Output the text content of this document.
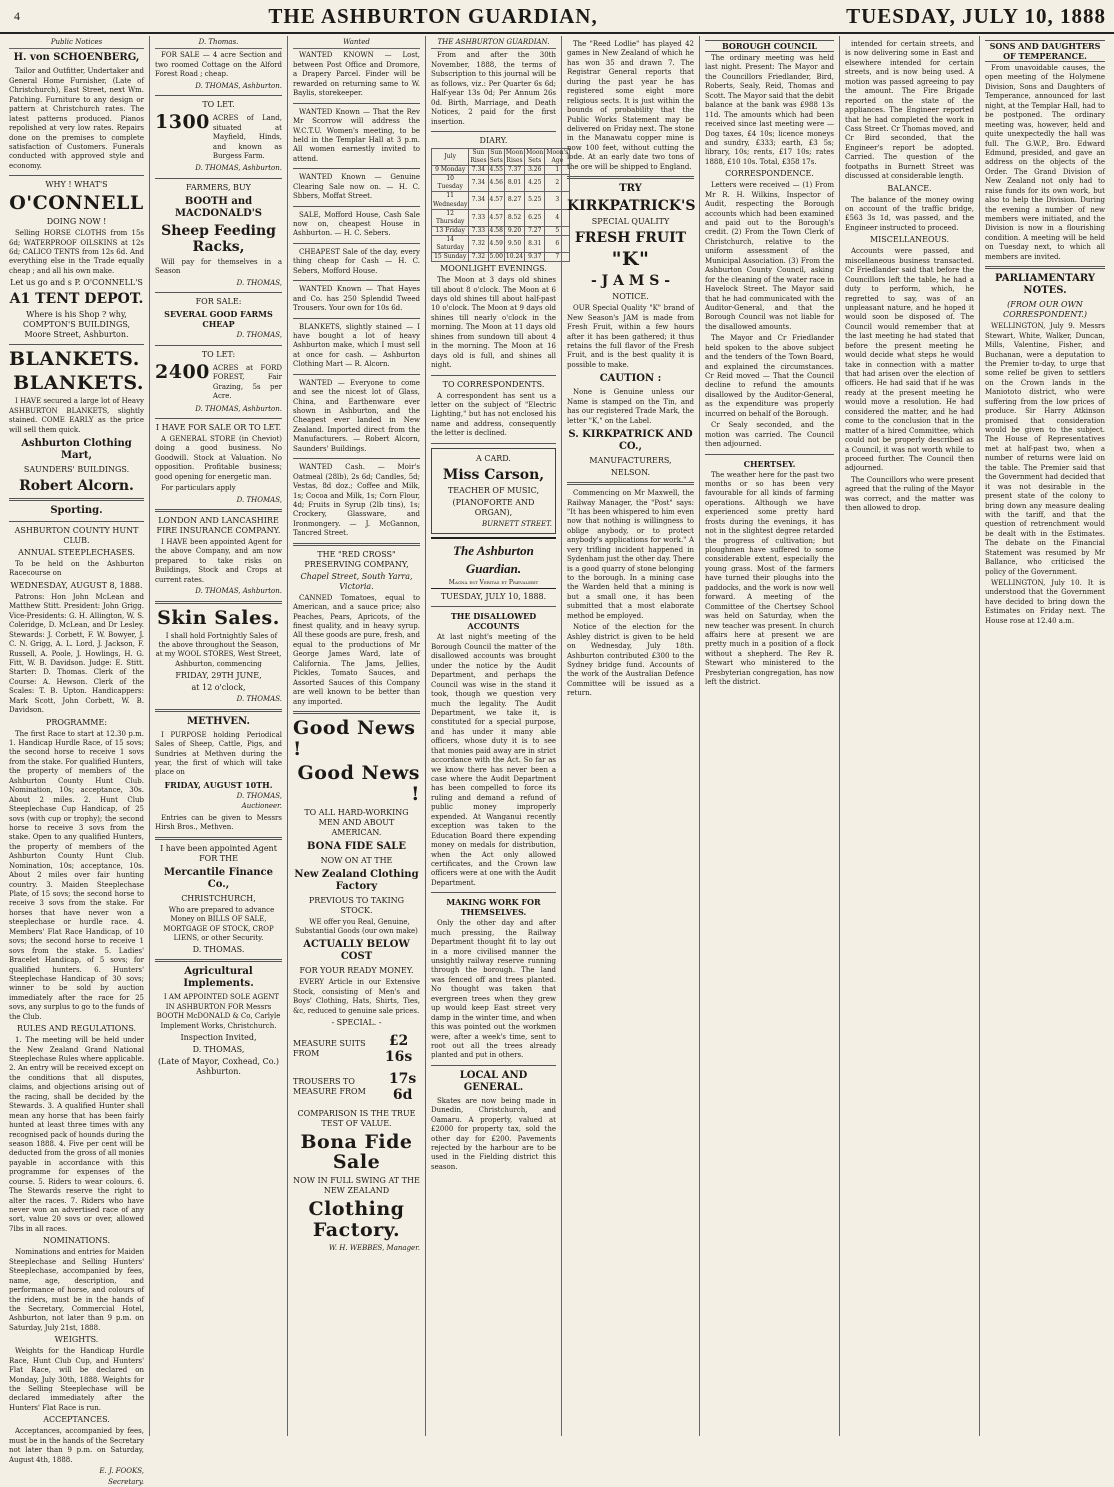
4	THE ASHBURTON GUARDIAN,	TUESDAY, JULY 10, 1888
Public Notices
H. von SCHOENBERG,
Tailor and Outfitter, Undertaker and General Home Furnisher, (Late of Christchurch), East Street, next Wm. Patching. Furniture to any design or pattern at Christchurch rates. The latest patterns produced. Pianos repolished at very low rates. Repairs done on the premises to complete satisfaction of Customers. Funerals conducted with approved style and economy.
WHY ! WHAT'S
O'CONNELL
DOING NOW !
Selling HORSE CLOTHS from 15s 6d; WATERPROOF OILSKINS at 12s 6d; CALICO TENTS from 12s 6d. And everything else in the Trade equally cheap ; and all his own make.
Let us go and s P. O'CONNELL'S
A1 TENT DEPOT.
Where is his Shop ? why, COMPTON'S BUILDINGS, Moore Street, Ashburton.
BLANKETS.
BLANKETS.
I HAVE secured a large lot of Heavy ASHBURTON BLANKETS, slightly stained. COME EARLY as the price will sell them quick.
Ashburton Clothing Mart,
SAUNDERS' BUILDINGS.
Robert Alcorn.
Sporting.
ASHBURTON COUNTY HUNT CLUB.
ANNUAL STEEPLECHASES.
To be held on the Ashburton Racecourse on
WEDNESDAY, AUGUST 8, 1888.
Patrons: Hon John McLean and Matthew Stitt. President: John Grigg. Vice-Presidents: G. H. Allington, W. S. Coleridge, D. McLean, and Dr Lesley. Stewards: J. Corbett, F. W. Bowyer, J. C. N. Grigg, A. L. Lord, J. Jackson, F. Russell, A. Poole, J. Howlings, H. G. Fitt, W. B. Davidson. Judge: E. Stitt. Starter: D. Thomas. Clerk of the Course: A. Hewson. Clerk of the Scales: T. B. Upton. Handicappers: Mark Scott, John Corbett, W. B. Davidson.
PROGRAMME:
The first Race to start at 12.30 p.m. 1. Handicap Hurdle Race, of 15 sovs; the second horse to receive 1 sovs from the stake. For qualified Hunters, the property of members of the Ashburton County Hunt Club. Nomination, 10s; acceptance, 30s. About 2 miles. 2. Hunt Club Steeplechase Cup Handicap, of 25 sovs (with cup or trophy); the second horse to receive 3 sovs from the stake. Open to any qualified Hunters, the property of members of the Ashburton County Hunt Club. Nomination, 10s; acceptance, 10s. About 2 miles over fair hunting country. 3. Maiden Steeplechase Plate, of 15 sovs; the second horse to receive 3 sovs from the stake. For horses that have never won a steeplechase or hurdle race. 4. Members' Flat Race Handicap, of 10 sovs; the second horse to receive 1 sovs from the stake. 5. Ladies' Bracelet Handicap, of 5 sovs; for qualified hunters. 6. Hunters' Steeplechase Handicap of 30 sovs; winner to be sold by auction immediately after the race for 25 sovs, any surplus to go to the funds of the Club.
RULES AND REGULATIONS.
1. The meeting will be held under the New Zealand Grand National Steeplechase Rules where applicable. 2. An entry will be received except on the conditions that all disputes, claims, and objections arising out of the racing, shall be decided by the Stewards. 3. A qualified Hunter shall mean any horse that has been fairly hunted at least three times with any recognised pack of hounds during the season 1888. 4. Five per cent will be deducted from the gross of all monies payable in accordance with this programme for expenses of the course. 5. Riders to wear colours. 6. The Stewards reserve the right to alter the races. 7. Riders who have never won an advertised race of any sort, value 20 sovs or over, allowed 7lbs in all races.
NOMINATIONS.
Nominations and entries for Maiden Steeplechase and Selling Hunters' Steeplechase, accompanied by fees, name, age, description, and performance of horse, and colours of the riders, must be in the hands of the Secretary, Commercial Hotel, Ashburton, not later than 9 p.m. on Saturday, July 21st, 1888.
WEIGHTS.
Weights for the Handicap Hurdle Race, Hunt Club Cup, and Hunters' Flat Race, will be declared on Monday, July 30th, 1888. Weights for the Selling Steeplechase will be declared immediately after the Hunters' Flat Race is run.
ACCEPTANCES.
Acceptances, accompanied by fees, must be in the hands of the Secretary not later than 9 p.m. on Saturday, August 4th, 1888.
E. J. FOOKS,
Secretary.
D. Thomas.
FOR SALE — 4 acre Section and two roomed Cottage on the Alford Forest Road ; cheap.
D. THOMAS, Ashburton.
TO LET.
1300 ACRES of Land, situated at Mayfield, Hinds, and known as Burgess Farm.
D. THOMAS, Ashburton.
FARMERS, BUY
BOOTH and MACDONALD'S
Sheep Feeding Racks,
Will pay for themselves in a Season
D. THOMAS,
FOR SALE:
SEVERAL GOOD FARMS CHEAP
D. THOMAS,
TO LET:
2400 ACRES at FORD FOREST, Fair Grazing, 5s per Acre.
D. THOMAS, Ashburton.
I HAVE FOR SALE OR TO LET.
A GENERAL STORE (in Cheviot) doing a good business. No Goodwill. Stock at Valuation. No opposition. Profitable business; good opening for energetic man.
For particulars apply
D. THOMAS,
LONDON AND LANCASHIRE FIRE INSURANCE COMPANY.
I HAVE been appointed Agent for the above Company, and am now prepared to take risks on Buildings, Stock and Crops at current rates.
D. THOMAS, Ashburton.
Skin Sales.
I shall hold Fortnightly Sales of the above throughout the Season, at my WOOL STORES, West Street, Ashburton, commencing
FRIDAY, 29TH JUNE,
at 12 o'clock,
D. THOMAS.
METHVEN.
I PURPOSE holding Periodical Sales of Sheep, Cattle, Pigs, and Sundries at Methven during the year, the first of which will take place on
FRIDAY, AUGUST 10TH.
D. THOMAS,
Auctioneer.
Entries can be given to Messrs Hirsh Bros., Methven.
I have been appointed Agent FOR THE
Mercantile Finance Co.,
CHRISTCHURCH,
Who are prepared to advance Money on BILLS OF SALE, MORTGAGE OF STOCK, CROP LIENS, or other Security.
D. THOMAS.
Agricultural Implements.
I AM APPOINTED SOLE AGENT IN ASHBURTON FOR Messrs BOOTH McDONALD & Co, Carlyle Implement Works, Christchurch.
Inspection Invited,
D. THOMAS,
(Late of Mayor, Coxhead, Co.) Ashburton.
Wanted
WANTED KNOWN — Lost, between Post Office and Dromore, a Drapery Parcel. Finder will be rewarded on returning same to W. Baylis, storekeeper.
WANTED Known — That the Rev Mr Scorrow will address the W.C.T.U. Women's meeting, to be held in the Templar Hall at 3 p.m. All women earnestly invited to attend.
WANTED Known — Genuine Clearing Sale now on. — H. C. Sbbers, Moffat Street.
SALE, Mofford House, Cash Sale now on, cheapest House in Ashburton. — H. C. Sebers.
CHEAPEST Sale of the day, every thing cheap for Cash — H. C. Sebers, Mofford House.
WANTED Known — That Hayes and Co. has 250 Splendid Tweed Trousers. Your own for 10s 6d.
BLANKETS, slightly stained — I have bought a lot of heavy Ashburton make, which I must sell at once for cash. — Ashburton Clothing Mart — R. Alcorn.
WANTED — Everyone to come and see the nicest lot of Glass, China, and Earthenware ever shown in Ashburton, and the Cheapest ever landed in New Zealand. Imported direct from the Manufacturers. — Robert Alcorn, Saunders' Buildings.
WANTED Cash. — Moir's Oatmeal (28lb), 2s 6d; Candles, 5d; Vestas, 8d doz.; Coffee and Milk, 1s; Cocoa and Milk, 1s; Corn Flour, 4d; Fruits in Syrup (2lb tins), 1s; Crockery, Glassware, and Ironmongery. — J. McGannon, Tancred Street.
THE "RED CROSS" PRESERVING COMPANY,
Chapel Street, South Yarra, Victoria.
CANNED Tomatoes, equal to American, and a sauce price; also Peaches, Pears, Apricots, of the finest quality, and in heavy syrup. All these goods are pure, fresh, and equal to the productions of Mr George James Ward, late of California. The Jams, Jellies, Pickles, Tomato Sauces, and Assorted Sauces of this Company are well known to be better than any imported.
Good News !
Good News !
TO ALL HARD-WORKING MEN AND ABOUT AMERICAN.
BONA FIDE SALE
NOW ON AT THE
New Zealand Clothing Factory
PREVIOUS TO TAKING STOCK.
WE offer you Real, Genuine, Substantial Goods (our own make)
ACTUALLY BELOW COST
FOR YOUR READY MONEY.
EVERY Article in our Extensive Stock, consisting of Men's and Boys' Clothing, Hats, Shirts, Ties, &c, reduced to genuine sale prices.
- SPECIAL. -
MEASURE SUITS FROM
£2 16s
TROUSERS TO MEASURE FROM
17s 6d
COMPARISON IS THE TRUE TEST OF VALUE.
Bona Fide Sale
NOW IN FULL SWING AT THE NEW ZEALAND
Clothing Factory.
W. H. WEBBES, Manager.
THE ASHBURTON GUARDIAN.
From and after the 30th November, 1888, the terms of Subscription to this journal will be as follows, viz.: Per Quarter 6s 6d; Half-year 13s 0d; Per Annum 26s 0d. Birth, Marriage, and Death Notices, 2 paid for the first insertion.
DIARY.
July	Sun Rises	Sun Sets	Moon Rises	Moon Sets	Moon's Age
9 Monday	7.34	4.55	7.37	3.26	1
10 Tuesday	7.34	4.56	8.01	4.25	2
11 Wednesday	7.34	4.57	8.27	5.25	3
12 Thursday	7.33	4.57	8.52	6.25	4
13 Friday	7.33	4.58	9.20	7.27	5
14 Saturday	7.32	4.59	9.50	8.31	6
15 Sunday	7.32	5.00	10.24	9.37	7
MOONLIGHT EVENINGS.
The Moon at 3 days old shines till about 8 o'clock. The Moon at 6 days old shines till about half-past 10 o'clock. The Moon at 9 days old shines till nearly o'clock in the morning. The Moon at 11 days old shines from sundown till about 4 in the morning. The Moon at 16 days old is full, and shines all night.
TO CORRESPONDENTS.
A correspondent has sent us a letter on the subject of "Electric Lighting," but has not enclosed his name and address, consequently the letter is declined.
A CARD.
Miss Carson,
TEACHER OF MUSIC,
(PIANOFORTE AND ORGAN),
BURNETT STREET.
The Ashburton Guardian.
Magna est Veritas et Prævalebit
TUESDAY, JULY 10, 1888.
THE DISALLOWED ACCOUNTS
At last night's meeting of the Borough Council the matter of the disallowed accounts was brought under the notice by the Audit Department, and perhaps the Council was wise in the stand it took, though we question very much the legality. The Audit Department, we take it, is constituted for a special purpose, and has under it many able officers, whose duty it is to see that monies paid away are in strict accordance with the Act. So far as we know there has never been a case where the Audit Department has been compelled to force its ruling and demand a refund of public money improperly expended. At Wanganui recently exception was taken to the Education Board there expending money on medals for distribution, when the Act only allowed certificates, and the Crown law officers were at one with the Audit Department.
MAKING WORK FOR THEMSELVES.
Only the other day and after much pressing, the Railway Department thought fit to lay out in a more civilised manner the unsightly railway reserve running through the borough. The land was fenced off and trees planted. No thought was taken that evergreen trees when they grew up would keep East street very damp in the winter time, and when this was pointed out the workmen were, after a week's time, sent to root out all the trees already planted and put in others.
LOCAL AND GENERAL.
Skates are now being made in Dunedin, Christchurch, and Oamaru. A property, valued at £2000 for property tax, sold the other day for £200. Pavements rejected by the harbour are to be used in the Fielding district this season.
The "Reed Lodlie" has played 42 games in New Zealand of which he has won 35 and drawn 7. The Registrar General reports that during the past year he has registered some eight more religious sects. It is just within the bounds of probability that the Public Works Statement may be delivered on Friday next. The stone in the Manawatu copper mine is now 100 feet, without cutting the lode. At an early date two tons of the ore will be shipped to England.
TRY
KIRKPATRICK'S
SPECIAL QUALITY
FRESH FRUIT
"K"
- J A M S -
NOTICE.
OUR Special Quality "K" brand of New Season's JAM is made from Fresh Fruit, within a few hours after it has been gathered; it thus retains the full flavor of the Fresh Fruit, and is the best quality it is possible to make.
CAUTION :
None is Genuine unless our Name is stamped on the Tin, and has our registered Trade Mark, the letter "K," on the Label.
S. KIRKPATRICK AND CO.,
MANUFACTURERS,
NELSON.
Commencing on Mr Maxwell, the Railway Manager, the "Post" says: "It has been whispered to him even now that nothing is willingness to oblige anybody, or to protect anybody's applications for work." A very trifling incident happened in Sydenham just the other day. There is a good quarry of stone belonging to the borough. In a mining case the Warden held that a mining is but a small one, it has been submitted that a most elaborate method be employed.
Notice of the election for the Ashley district is given to be held on Wednesday, July 18th. Ashburton contributed £300 to the Sydney bridge fund. Accounts of the work of the Australian Defence Committee will be issued as a return.
BOROUGH COUNCIL
The ordinary meeting was held last night. Present: The Mayor and the Councillors Friedlander, Bird, Roberts, Sealy, Reid, Thomas and Scott. The Mayor said that the debit balance at the bank was £988 13s 11d. The amounts which had been received since last meeting were — Dog taxes, £4 10s; licence moneys and sundry, £333; earth, £3 5s; library, 10s; rents, £17 10s; rates 1888, £10 10s. Total, £358 17s.
CORRESPONDENCE.
Letters were received — (1) From Mr R. H. Wilkins, Inspector of Audit, respecting the Borough accounts which had been examined and paid out to the Borough's credit. (2) From the Town Clerk of Christchurch, relative to the uniform assessment of the Municipal Association. (3) From the Ashburton County Council, asking for the cleaning of the water race in Havelock Street. The Mayor said that he had communicated with the Auditor-General, and that the Borough Council was not liable for the disallowed amounts.
The Mayor and Cr Friedlander held spoken to the above subject and the tenders of the Town Board, and explained the circumstances. Cr Reid moved — That the Council decline to refund the amounts disallowed by the Auditor-General, as the expenditure was properly incurred on behalf of the Borough.
Cr Sealy seconded, and the motion was carried. The Council then adjourned.
CHERTSEY.
The weather here for the past two months or so has been very favourable for all kinds of farming operations. Although we have experienced some pretty hard frosts during the evenings, it has not in the slightest degree retarded the progress of cultivation; but ploughmen have suffered to some considerable extent, especially the young grass. Most of the farmers have turned their ploughs into the paddocks, and the work is now well forward. A meeting of the Committee of the Chertsey School was held on Saturday, when the new teacher was present. In church affairs here at present we are pretty much in a position of a flock without a shepherd. The Rev R. Stewart who ministered to the Presbyterian congregation, has now left the district.
intended for certain streets, and is now delivering some in East and elsewhere intended for certain streets, and is now being used. A motion was passed agreeing to pay the amount. The Fire Brigade reported on the state of the appliances. The Engineer reported that he had completed the work in Cass Street. Cr Thomas moved, and Cr Bird seconded, that the Engineer's report be adopted. Carried. The question of the footpaths in Burnett Street was discussed at considerable length.
BALANCE.
The balance of the money owing on account of the traffic bridge, £563 3s 1d, was passed, and the Engineer instructed to proceed.
MISCELLANEOUS.
Accounts were passed, and miscellaneous business transacted. Cr Friedlander said that before the Councillors left the table, he had a duty to perform, which, he regretted to say, was of an unpleasant nature, and he hoped it would soon be disposed of. The Council would remember that at the last meeting he had stated that before the present meeting he would decide what steps he would take in connection with a matter that had arisen over the election of officers. He had said that if he was ready at the present meeting he would move a resolution. He had considered the matter, and he had come to the conclusion that in the matter of a hired Committee, which could not be properly described as a Council, it was not worth while to proceed further. The Council then adjourned.
The Councillors who were present agreed that the ruling of the Mayor was correct, and the matter was then allowed to drop.
SONS AND DAUGHTERS OF TEMPERANCE.
From unavoidable causes, the open meeting of the Holymene Division, Sons and Daughters of Temperance, announced for last night, at the Templar Hall, had to be postponed. The ordinary meeting was, however, held and quite unexpectedly the hall was full. The G.W.P., Bro. Edward Edmund, presided, and gave an address on the objects of the Order. The Grand Division of New Zealand not only had to raise funds for its own work, but also to help the Division. During the evening a number of new members were initiated, and the Division is now in a flourishing condition. A meeting will be held on Tuesday next, to which all members are invited.
PARLIAMENTARY NOTES.
(FROM OUR OWN CORRESPONDENT.)
WELLINGTON, July 9. Messrs Stewart, White, Walker, Duncan, Mills, Valentine, Fisher, and Buchanan, were a deputation to the Premier to-day, to urge that some relief be given to settlers on the Crown lands in the Maniototo district, who were suffering from the low prices of produce. Sir Harry Atkinson promised that consideration would be given to the subject. The House of Representatives met at half-past two, when a number of returns were laid on the table. The Premier said that the Government had decided that it was not desirable in the present state of the colony to bring down any measure dealing with the tariff, and that the question of retrenchment would be dealt with in the Estimates. The debate on the Financial Statement was resumed by Mr Ballance, who criticised the policy of the Government.
WELLINGTON, July 10. It is understood that the Government have decided to bring down the Estimates on Friday next. The House rose at 12.40 a.m.
